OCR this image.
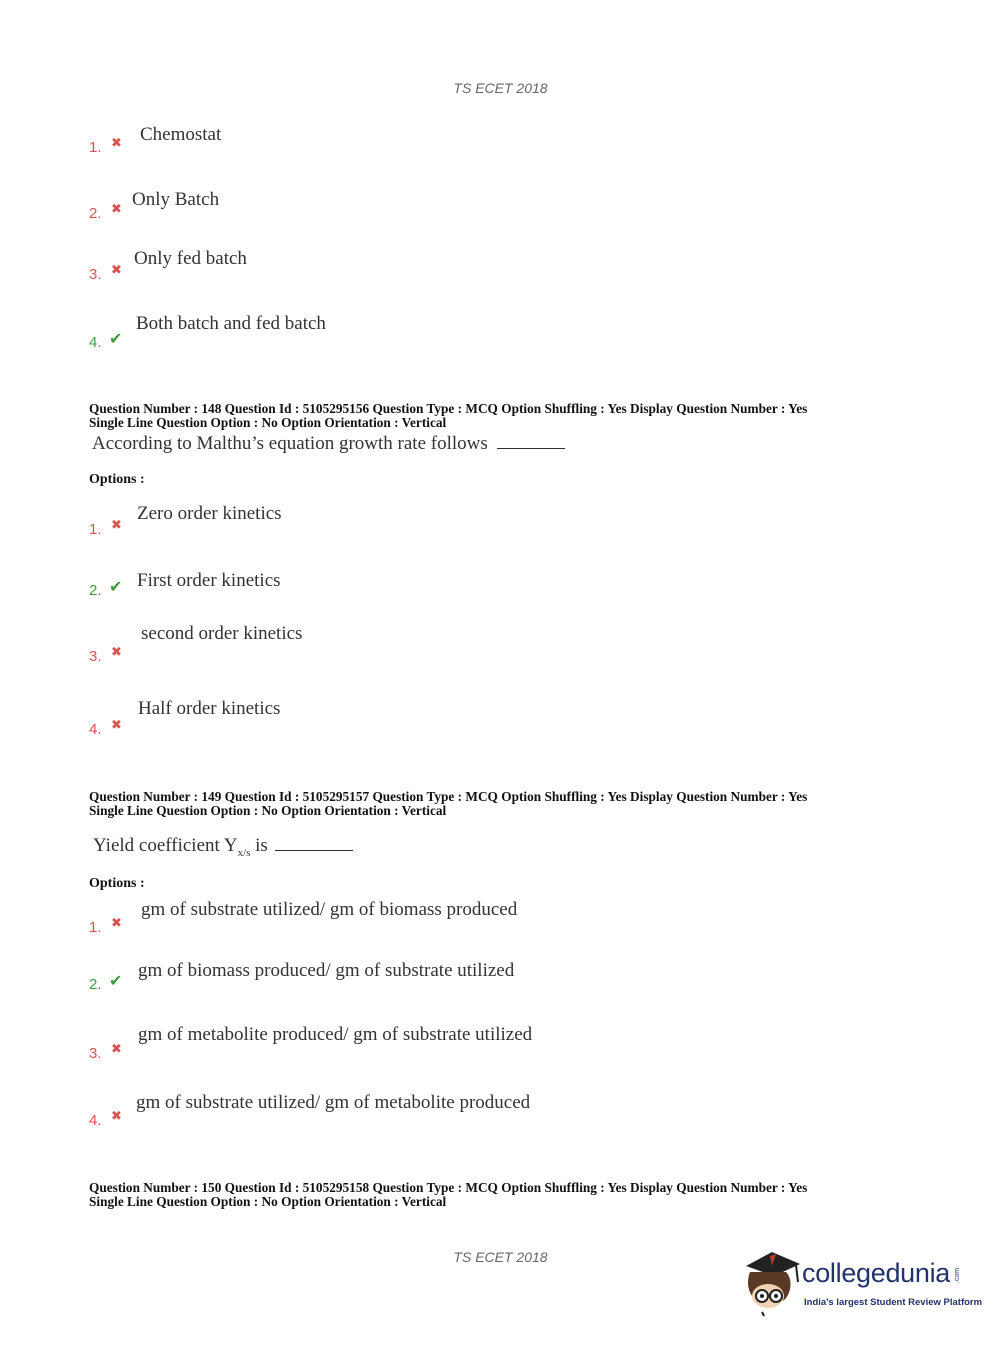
TS ECET 2018
1. ✖ Chemostat
2. ✖ Only Batch
3. ✖
Only fed batch
4. ✔
Both batch and fed batch
Question Number : 148 Question Id : 5105295156 Question Type : MCQ Option Shuffling : Yes Display Question Number : Yes
Single Line Question Option : No Option Orientation : Vertical
According to Malthu’s equation growth rate follows
Options :
1. ✖
Zero order kinetics
2. ✔ First order kinetics
3. ✖
second order kinetics
4. ✖
Half order kinetics
Question Number : 149 Question Id : 5105295157 Question Type : MCQ Option Shuffling : Yes Display Question Number : Yes
Single Line Question Option : No Option Orientation : Vertical
Yield coefficient $Y_{x/s}$ is
Options :
1. ✖
gm of substrate utilized/ gm of biomass produced
2. ✔ gm of biomass produced/ gm of substrate utilized
3. ✖
gm of metabolite produced/ gm of substrate utilized
4. ✖
gm of substrate utilized/ gm of metabolite produced
Question Number : 150 Question Id : 5105295158 Question Type : MCQ Option Shuffling : Yes Display Question Number : Yes
Single Line Question Option : No Option Orientation : Vertical
TS ECET 2018
collegedunia .com
India's largest Student Review Platform
